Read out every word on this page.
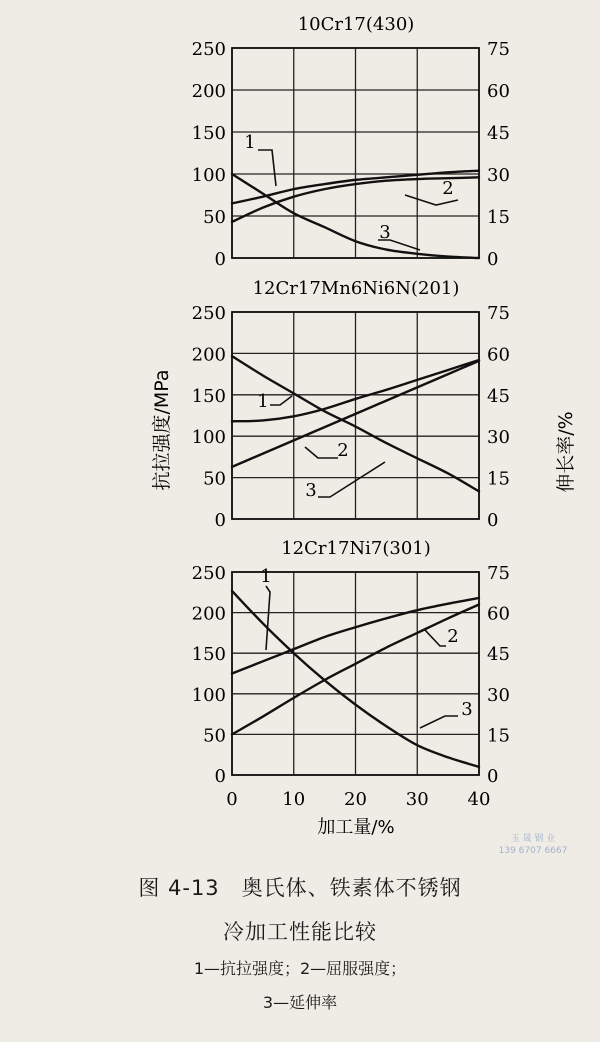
10Cr17(430)
0
50
100
150
200
250
0
15
30
45
60
75
1
2
3
12Cr17Mn6Ni6N(201)
0
50
100
150
200
250
0
15
30
45
60
75
1
2
3
12Cr17Ni7(301)
0
50
100
150
200
250
0
15
30
45
60
75
0 10 20 30 40
1
2
3
抗拉强度/MPa	伸长率/%
加工量/%
图 4-13　奥氏体、铁素体不锈钢
冷加工性能比较
1—抗拉强度；2—屈服强度；
3—延伸率
玉 晟 钢 业
139 6707 6667
